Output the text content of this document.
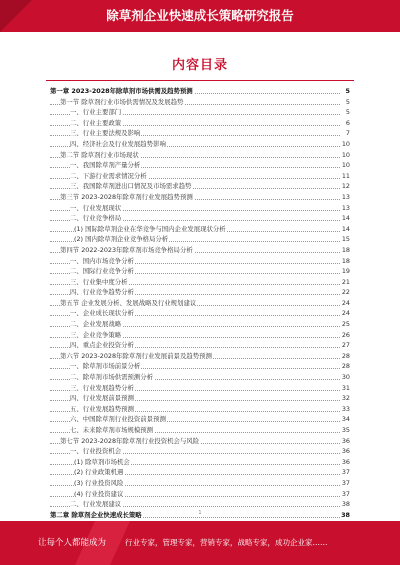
除草剂企业快速成长策略研究报告
内容目录
第一章 2023-2028年除草剂市场供需及趋势预测	5
第一节 除草剂行业市场供需情况及发展趋势	5
一、行业主要部门	5
二、行业主要政策	6
三、行业主要法规及影响	7
四、经济社会及行业发展趋势影响	10
第二节 除草剂行业市场现状	10
一、我国除草剂产量分析	10
二、下游行业需求情况分析	11
三、我国除草剂进出口情况及市场需求趋势	12
第三节 2023-2028年除草剂行业发展趋势预测	13
一、行业发展现状	13
二、行业竞争格局	14
(1) 国际除草剂企业在华竞争与国内企业发展现状分析	14
(2) 国内除草剂企业竞争格局分析	15
第四节 2022-2023年除草剂市场竞争格局分析	18
一、国内市场竞争分析	18
二、国际行业竞争分析	19
三、行业集中度分析	21
四、行业竞争趋势分析	22
第五节 企业发展分析、发展战略及行业规划建议	24
一、企业成长现状分析	24
二、企业发展战略	25
三、企业竞争策略	26
四、重点企业投资分析	27
第六节 2023-2028年除草剂行业发展前景及趋势预测	28
一、除草剂市场前景分析	28
二、除草剂市场供需预测分析	30
三、行业发展趋势分析	31
四、行业发展前景预测	32
五、行业发展趋势预测	33
六、中国除草剂行业投资前景预测	34
七、未来除草剂市场规模预测	35
第七节 2023-2028年除草剂行业投资机会与风险	36
一、行业投资机会	36
(1) 除草剂市场机会	36
(2) 行业政策机遇	37
(3) 行业投资风险	37
(4) 行业投资建议	37
二、行业发展建议	38
第二章 除草剂企业快速成长策略	38
1
让每个人都能成为	行业专家，管理专家，营销专家，战略专家，成功企业家……
